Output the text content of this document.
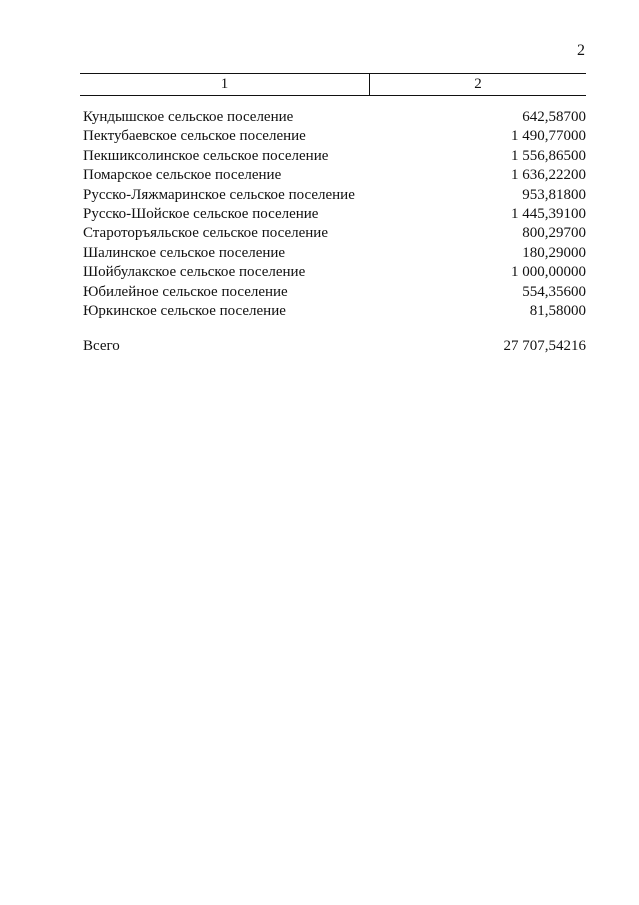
2
1	2
Кундышское сельское поселение	642,58700
Пектубаевское сельское поселение	1 490,77000
Пекшиксолинское сельское поселение	1 556,86500
Помарское сельское поселение	1 636,22200
Русско-Ляжмаринское сельское поселение	953,81800
Русско-Шойское сельское поселение	1 445,39100
Староторъяльское сельское поселение	800,29700
Шалинское сельское поселение	180,29000
Шойбулакское сельское поселение	1 000,00000
Юбилейное сельское поселение	554,35600
Юркинское сельское поселение	81,58000
Всего	27 707,54216
